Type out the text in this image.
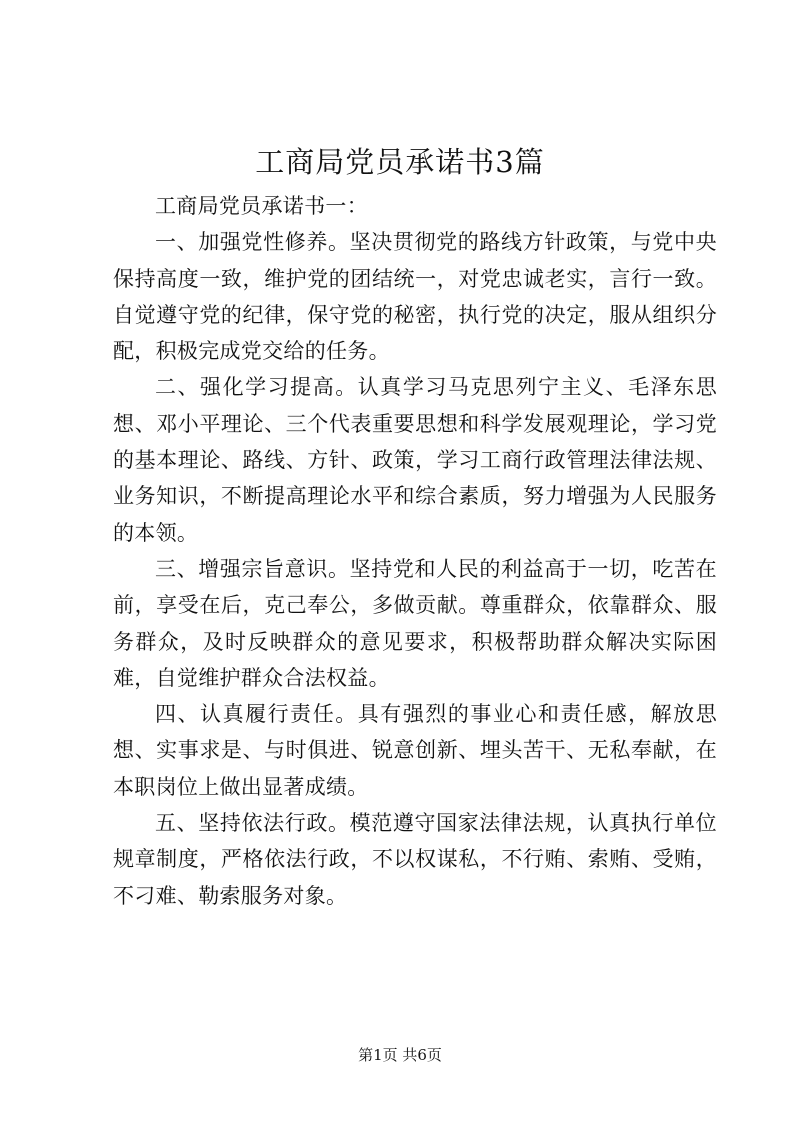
工商局党员承诺书3篇

工商局党员承诺书一：

一、加强党性修养。坚决贯彻党的路线方针政策，与党中央保持高度一致，维护党的团结统一，对党忠诚老实，言行一致。自觉遵守党的纪律，保守党的秘密，执行党的决定，服从组织分配，积极完成党交给的任务。

二、强化学习提高。认真学习马克思列宁主义、毛泽东思想、邓小平理论、三个代表重要思想和科学发展观理论，学习党的基本理论、路线、方针、政策，学习工商行政管理法律法规、业务知识，不断提高理论水平和综合素质，努力增强为人民服务的本领。

三、增强宗旨意识。坚持党和人民的利益高于一切，吃苦在前，享受在后，克己奉公，多做贡献。尊重群众，依靠群众、服务群众，及时反映群众的意见要求，积极帮助群众解决实际困难，自觉维护群众合法权益。

四、认真履行责任。具有强烈的事业心和责任感，解放思想、实事求是、与时俱进、锐意创新、埋头苦干、无私奉献，在本职岗位上做出显著成绩。

五、坚持依法行政。模范遵守国家法律法规，认真执行单位规章制度，严格依法行政，不以权谋私，不行贿、索贿、受贿，不刁难、勒索服务对象。

第1页 共6页
